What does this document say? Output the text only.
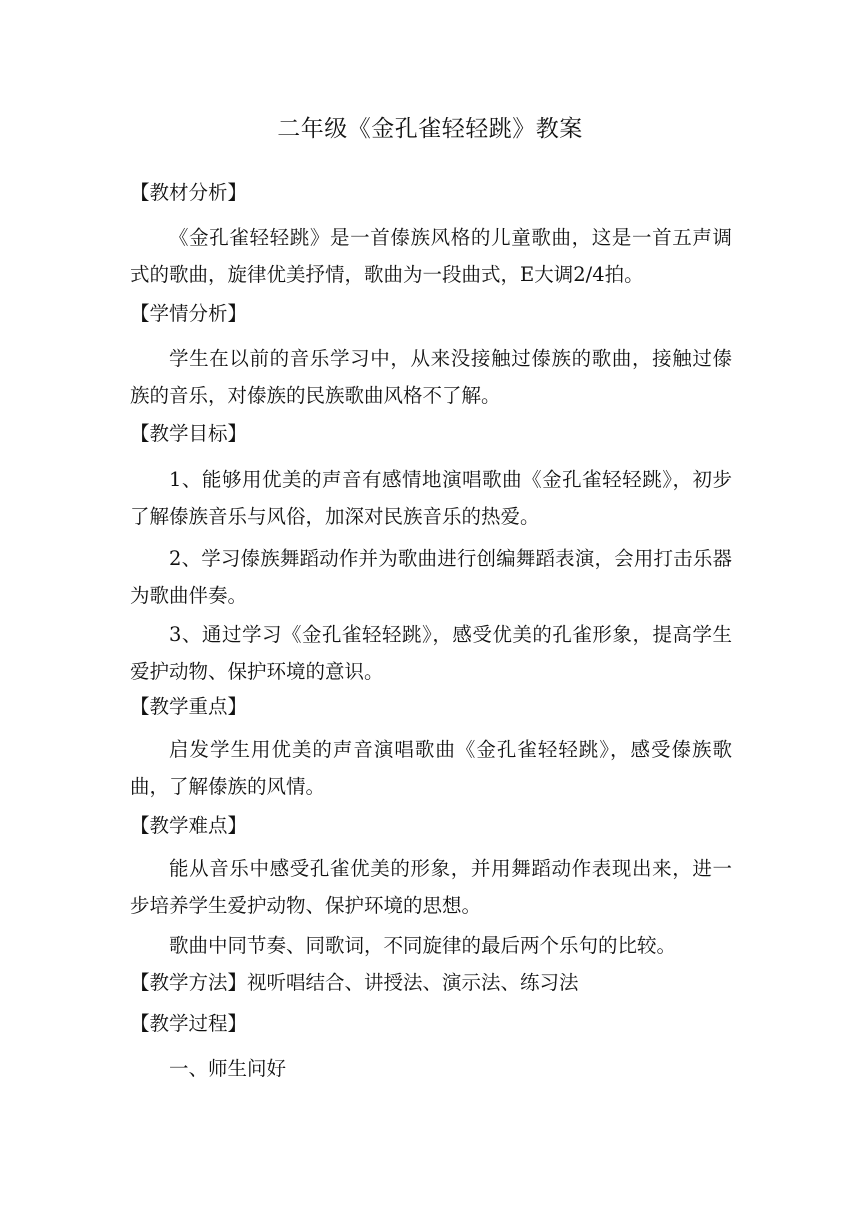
二年级《金孔雀轻轻跳》教案
【教材分析】

《金孔雀轻轻跳》是一首傣族风格的儿童歌曲，这是一首五声调式的歌曲，旋律优美抒情，歌曲为一段曲式，E大调2/4拍。

【学情分析】

学生在以前的音乐学习中，从来没接触过傣族的歌曲，接触过傣族的音乐，对傣族的民族歌曲风格不了解。

【教学目标】

1、能够用优美的声音有感情地演唱歌曲《金孔雀轻轻跳》，初步了解傣族音乐与风俗，加深对民族音乐的热爱。

2、学习傣族舞蹈动作并为歌曲进行创编舞蹈表演，会用打击乐器为歌曲伴奏。

3、通过学习《金孔雀轻轻跳》，感受优美的孔雀形象，提高学生爱护动物、保护环境的意识。

【教学重点】

启发学生用优美的声音演唱歌曲《金孔雀轻轻跳》，感受傣族歌曲，了解傣族的风情。

【教学难点】

能从音乐中感受孔雀优美的形象，并用舞蹈动作表现出来，进一步培养学生爱护动物、保护环境的思想。

歌曲中同节奏、同歌词，不同旋律的最后两个乐句的比较。

【教学方法】视听唱结合、讲授法、演示法、练习法
【教学过程】

一、师生问好
